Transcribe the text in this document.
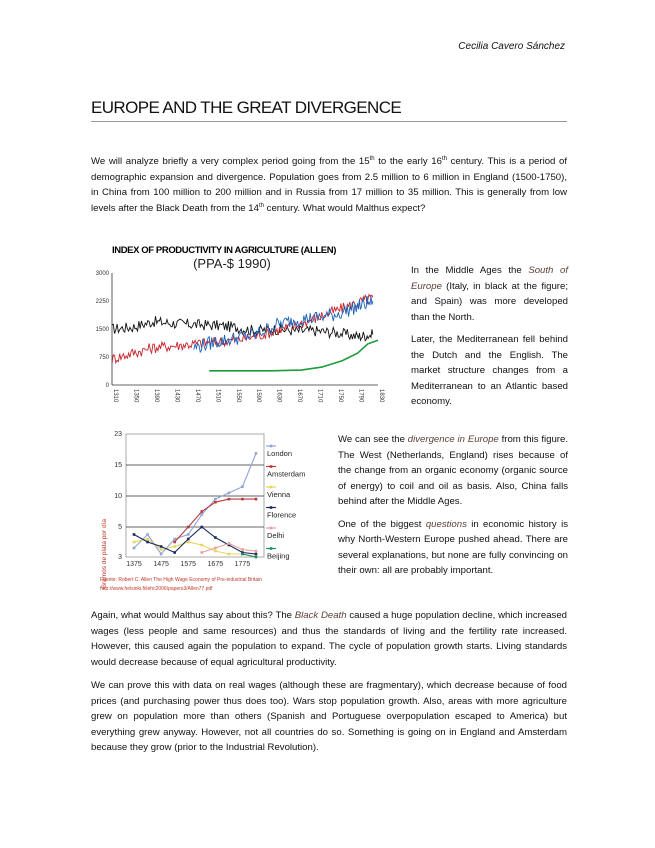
Cecilia Cavero Sánchez
EUROPE AND THE GREAT DIVERGENCE

We will analyze briefly a very complex period going from the 15th to the early 16th century. This is a period of demographic expansion and divergence. Population goes from 2.5 million to 6 million in England (1500-1750), in China from 100 million to 200 million and in Russia from 17 million to 35 million. This is generally from low levels after the Black Death from the 14th century. What would Malthus expect?

INDEX OF PRODUCTIVITY IN AGRICULTURE (ALLEN)
(PPA-$ 1990)
3000
2250
1500
750
0
1310 1350 1390 1430 1470 1510 1550 1590 1630 1670 1710 1750 1790 1830

In the Middle Ages the South of Europe (Italy, in black at the figure; and Spain) was more developed than the North.

Later, the Mediterranean fell behind the Dutch and the English. The market structure changes from a Mediterranean to an Atlantic based economy.

23
15
10
5
3
1375 1475 1575 1675 1775
London
Amsterdam
Vienna
Florence
Delhi
Beijing
Gramos de plata por día
Fuente: Robert C. Allen The High Wage Economy of Pre-industrial Britain
http://www.helsinki.fi/iehc2006/papers3/Allen77.pdf

We can see the divergence in Europe from this figure. The West (Netherlands, England) rises because of the change from an organic economy (organic source of energy) to coil and oil as basis. Also, China falls behind after the Middle Ages.

One of the biggest questions in economic history is why North-Western Europe pushed ahead. There are several explanations, but none are fully convincing on their own: all are probably important.

Again, what would Malthus say about this? The Black Death caused a huge population decline, which increased wages (less people and same resources) and thus the standards of living and the fertility rate increased. However, this caused again the population to expand. The cycle of population growth starts. Living standards would decrease because of equal agricultural productivity.

We can prove this with data on real wages (although these are fragmentary), which decrease because of food prices (and purchasing power thus does too). Wars stop population growth. Also, areas with more agriculture grew on population more than others (Spanish and Portuguese overpopulation escaped to America) but everything grew anyway. However, not all countries do so. Something is going on in England and Amsterdam because they grow (prior to the Industrial Revolution).
